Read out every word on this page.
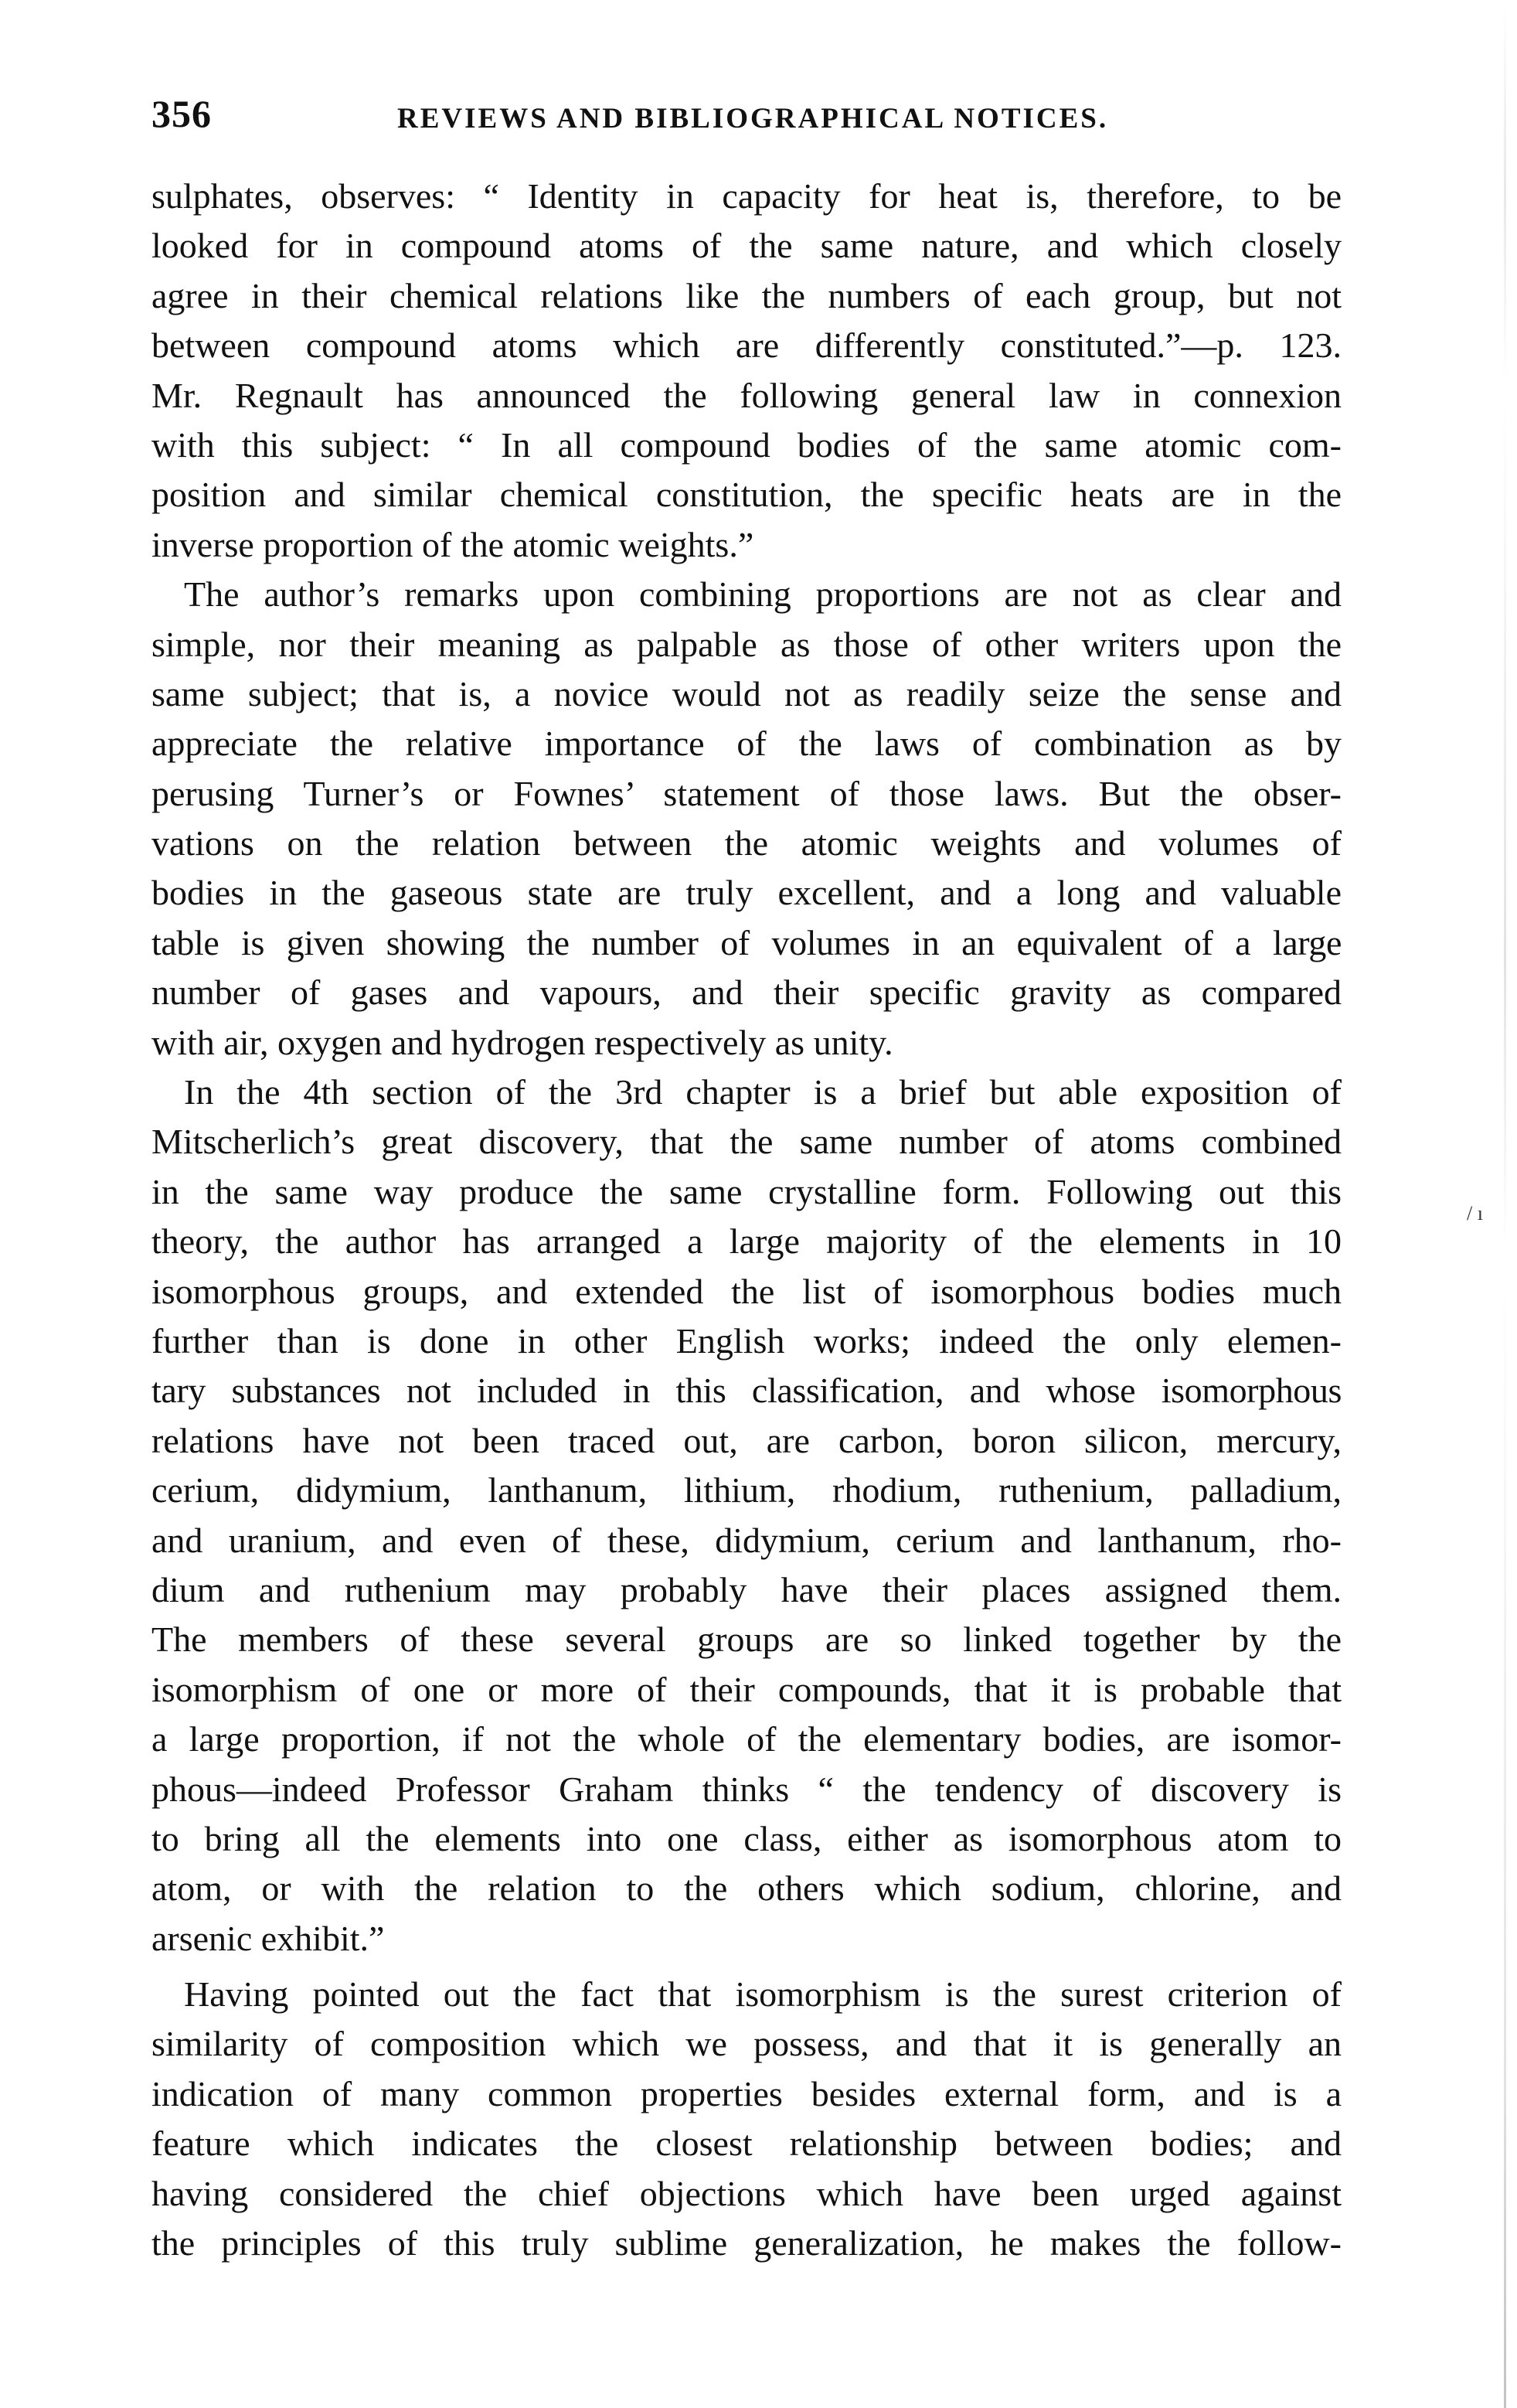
356	REVIEWS AND BIBLIOGRAPHICAL NOTICES.
sulphates, observes: “ Identity in capacity for heat is, therefore, to be
looked for in compound atoms of the same nature, and which closely
agree in their chemical relations like the numbers of each group, but not
between compound atoms which are differently constituted.”—p. 123.
Mr. Regnault has announced the following general law in connexion
with this subject: “ In all compound bodies of the same atomic com-
position and similar chemical constitution, the specific heats are in the
inverse proportion of the atomic weights.”
The author’s remarks upon combining proportions are not as clear and
simple, nor their meaning as palpable as those of other writers upon the
same subject; that is, a novice would not as readily seize the sense and
appreciate the relative importance of the laws of combination as by
perusing Turner’s or Fownes’ statement of those laws. But the obser-
vations on the relation between the atomic weights and volumes of
bodies in the gaseous state are truly excellent, and a long and valuable
table is given showing the number of volumes in an equivalent of a large
number of gases and vapours, and their specific gravity as compared
with air, oxygen and hydrogen respectively as unity.
In the 4th section of the 3rd chapter is a brief but able exposition of
Mitscherlich’s great discovery, that the same number of atoms combined
in the same way produce the same crystalline form. Following out this
theory, the author has arranged a large majority of the elements in 10
isomorphous groups, and extended the list of isomorphous bodies much
further than is done in other English works; indeed the only elemen-
tary substances not included in this classification, and whose isomorphous
relations have not been traced out, are carbon, boron silicon, mercury,
cerium, didymium, lanthanum, lithium, rhodium, ruthenium, palladium,
and uranium, and even of these, didymium, cerium and lanthanum, rho-
dium and ruthenium may probably have their places assigned them.
The members of these several groups are so linked together by the
isomorphism of one or more of their compounds, that it is probable that
a large proportion, if not the whole of the elementary bodies, are isomor-
phous—indeed Professor Graham thinks “ the tendency of discovery is
to bring all the elements into one class, either as isomorphous atom to
atom, or with the relation to the others which sodium, chlorine, and
arsenic exhibit.”
Having pointed out the fact that isomorphism is the surest criterion of
similarity of composition which we possess, and that it is generally an
indication of many common properties besides external form, and is a
feature which indicates the closest relationship between bodies; and
having considered the chief objections which have been urged against
the principles of this truly sublime generalization, he makes the follow-
/ ı
